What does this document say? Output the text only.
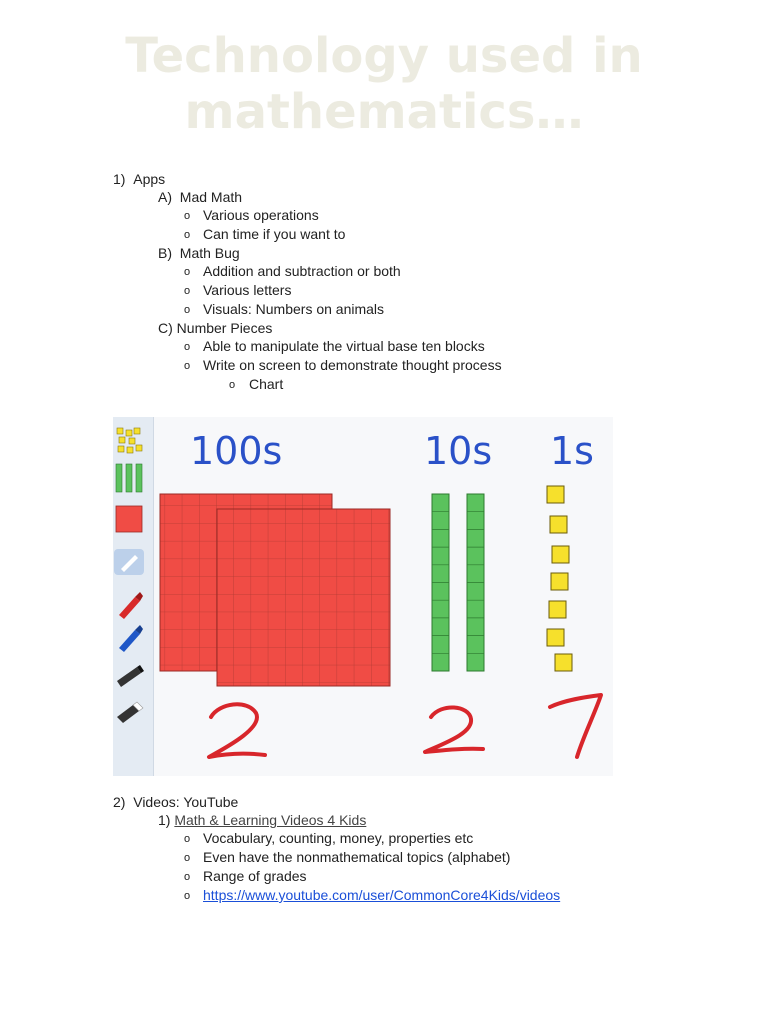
Technology used in
mathematics…
1) Apps
A) Mad Math
o Various operations
o Can time if you want to
B) Math Bug
o Addition and subtraction or both
o Various letters
o Visuals: Numbers on animals
C) Number Pieces
o Able to manipulate the virtual base ten blocks
o Write on screen to demonstrate thought process
o Chart
100s	10s 1s
2) Videos: YouTube
1) Math & Learning Videos 4 Kids
o Vocabulary, counting, money, properties etc
o Even have the nonmathematical topics (alphabet)
o Range of grades
o https://www.youtube.com/user/CommonCore4Kids/videos
